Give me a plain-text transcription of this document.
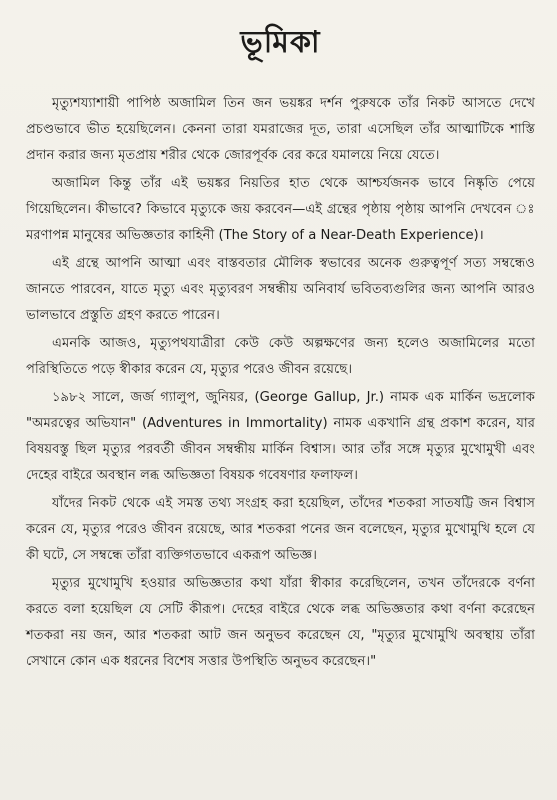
ভূমিকা

মৃত্যুশয্যাশায়ী পাপিষ্ঠ অজামিল তিন জন ভয়ঙ্কর দর্শন পুরুষকে তাঁর নিকট আসতে দেখে প্রচণ্ডভাবে ভীত হয়েছিলেন। কেননা তারা যমরাজের দূত, তারা এসেছিল তাঁর আত্মাটিকে শাস্তি প্রদান করার জন্য মৃতপ্রায় শরীর থেকে জোরপূর্বক বের করে যমালয়ে নিয়ে যেতে।

অজামিল কিন্তু তাঁর এই ভয়ঙ্কর নিয়তির হাত থেকে আশ্চর্যজনক ভাবে নিষ্কৃতি পেয়ে গিয়েছিলেন। কীভাবে? কিভাবে মৃত্যুকে জয় করবেন—এই গ্রন্থের পৃষ্ঠায় পৃষ্ঠায় আপনি দেখবেন ঃ মরণাপন্ন মানুষের অভিজ্ঞতার কাহিনী (The Story of a Near-Death Experience)।

এই গ্রন্থে আপনি আত্মা এবং বাস্তবতার মৌলিক স্বভাবের অনেক গুরুত্বপূর্ণ সত্য সম্বন্ধেও জানতে পারবেন, যাতে মৃত্যু এবং মৃত্যুবরণ সম্বন্ধীয় অনিবার্য ভবিতব্যগুলির জন্য আপনি আরও ভালভাবে প্রস্তুতি গ্রহণ করতে পারেন।

এমনকি আজও, মৃত্যুপথযাত্রীরা কেউ কেউ অল্পক্ষণের জন্য হলেও অজামিলের মতো পরিস্থিতিতে পড়ে স্বীকার করেন যে, মৃত্যুর পরেও জীবন রয়েছে।

১৯৮২ সালে, জর্জ গ্যালুপ, জুনিয়র, (George Gallup, Jr.) নামক এক মার্কিন ভদ্রলোক "অমরত্বের অভিযান" (Adventures in Immortality) নামক একখানি গ্রন্থ প্রকাশ করেন, যার বিষয়বস্তু ছিল মৃত্যুর পরবর্তী জীবন সম্বন্ধীয় মার্কিন বিশ্বাস। আর তাঁর সঙ্গে মৃত্যুর মুখোমুখী এবং দেহের বাইরে অবস্থান লব্ধ অভিজ্ঞতা বিষয়ক গবেষণার ফলাফল।

যাঁদের নিকট থেকে এই সমস্ত তথ্য সংগ্রহ করা হয়েছিল, তাঁদের শতকরা সাতষট্টি জন বিশ্বাস করেন যে, মৃত্যুর পরেও জীবন রয়েছে, আর শতকরা পনের জন বলেছেন, মৃত্যুর মুখোমুখি হলে যে কী ঘটে, সে সম্বন্ধে তাঁরা ব্যক্তিগতভাবে একরূপ অভিজ্ঞ।

মৃত্যুর মুখোমুখি হওয়ার অভিজ্ঞতার কথা যাঁরা স্বীকার করেছিলেন, তখন তাঁদেরকে বর্ণনা করতে বলা হয়েছিল যে সেটি কীরূপ। দেহের বাইরে থেকে লব্ধ অভিজ্ঞতার কথা বর্ণনা করেছেন শতকরা নয় জন, আর শতকরা আট জন অনুভব করেছেন যে, "মৃত্যুর মুখোমুখি অবস্থায় তাঁরা সেখানে কোন এক ধরনের বিশেষ সত্তার উপস্থিতি অনুভব করেছেন।"
